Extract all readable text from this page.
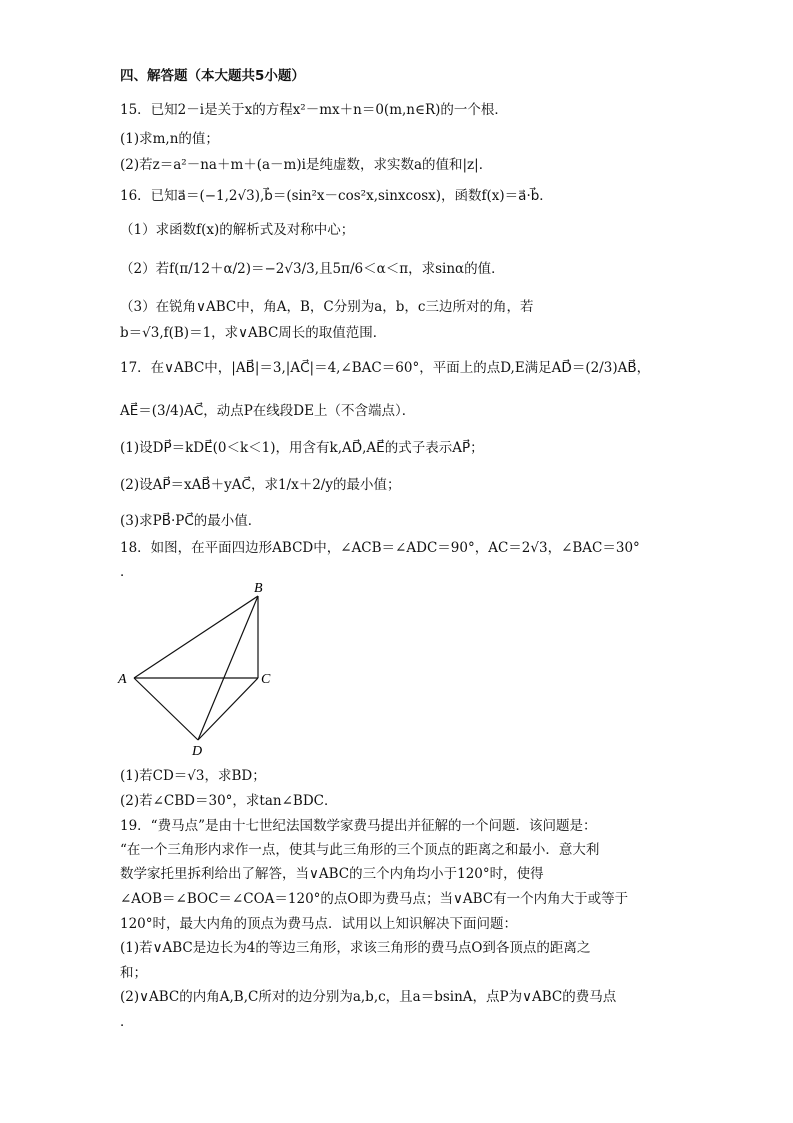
四、解答题（本大题共5小题）
15．已知2－i是关于x的方程x²－mx＋n＝0(m,n∈R)的一个根．
(1)求m,n的值；
(2)若z＝a²－na＋m＋(a－m)i是纯虚数，求实数a的值和|z|．
16．已知a⃗＝(−1,2√3),b⃗＝(sin²x－cos²x,sinxcosx)，函数f(x)＝a⃗·b⃗．
（1）求函数f(x)的解析式及对称中心；
（2）若f(π/12＋α/2)＝−2√3/3,且5π/6＜α＜π，求sinα的值．
（3）在锐角∨ABC中，角A，B，C分别为a，b，c三边所对的角，若
b＝√3,f(B)＝1，求∨ABC周长的取值范围．
17．在∨ABC中，|AB⃗|＝3,|AC⃗|＝4,∠BAC＝60°，平面上的点D,E满足AD⃗＝(2/3)AB⃗，
AE⃗＝(3/4)AC⃗，动点P在线段DE上（不含端点）．
(1)设DP⃗＝kDE⃗(0＜k＜1)，用含有k,AD⃗,AE⃗的式子表示AP⃗；
(2)设AP⃗＝xAB⃗＋yAC⃗，求1/x＋2/y的最小值；
(3)求PB⃗·PC⃗的最小值．
18．如图，在平面四边形ABCD中，∠ACB＝∠ADC＝90°，AC＝2√3，∠BAC＝30°
．
B
A	C
D
(1)若CD＝√3，求BD；
(2)若∠CBD＝30°，求tan∠BDC．
19．“费马点”是由十七世纪法国数学家费马提出并征解的一个问题．该问题是：
“在一个三角形内求作一点，使其与此三角形的三个顶点的距离之和最小．意大利
数学家托里拆利给出了解答，当∨ABC的三个内角均小于120°时，使得
∠AOB＝∠BOC＝∠COA＝120°的点O即为费马点；当∨ABC有一个内角大于或等于
120°时，最大内角的顶点为费马点．试用以上知识解决下面问题：
(1)若∨ABC是边长为4的等边三角形，求该三角形的费马点O到各顶点的距离之
和；
(2)∨ABC的内角A,B,C所对的边分别为a,b,c，且a＝bsinA，点P为∨ABC的费马点
．
